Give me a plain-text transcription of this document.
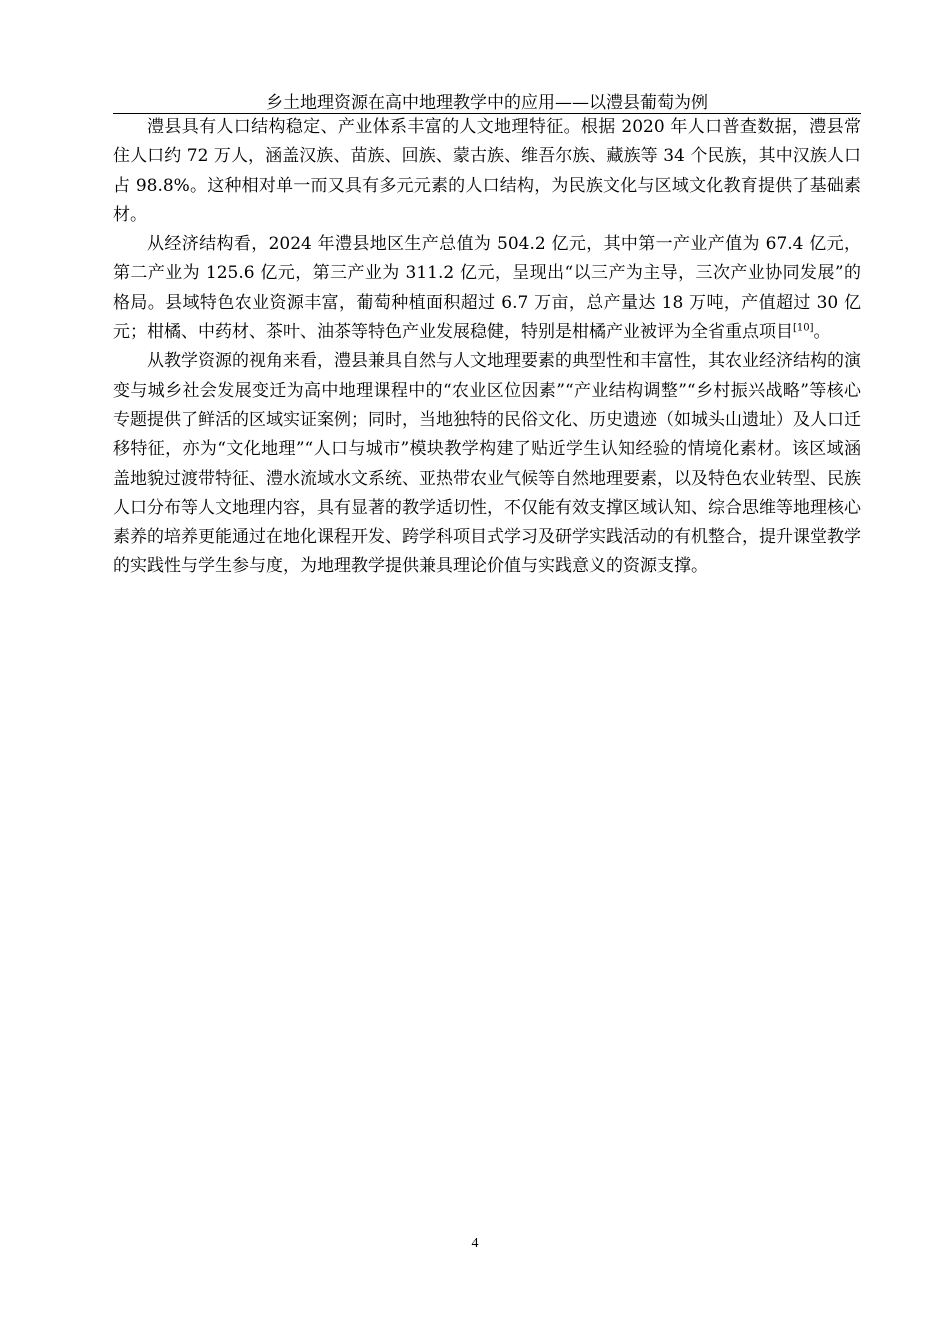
乡土地理资源在高中地理教学中的应用——以澧县葡萄为例

澧县具有人口结构稳定、产业体系丰富的人文地理特征。根据 2020 年人口普查数据，澧县常住人口约 72 万人，涵盖汉族、苗族、回族、蒙古族、维吾尔族、藏族等 34 个民族，其中汉族人口占 98.8%。这种相对单一而又具有多元元素的人口结构，为民族文化与区域文化教育提供了基础素材。

从经济结构看，2024 年澧县地区生产总值为 504.2 亿元，其中第一产业产值为 67.4 亿元，第二产业为 125.6 亿元，第三产业为 311.2 亿元，呈现出“以三产为主导，三次产业协同发展”的格局。县域特色农业资源丰富，葡萄种植面积超过 6.7 万亩，总产量达 18 万吨，产值超过 30 亿元；柑橘、中药材、茶叶、油茶等特色产业发展稳健，特别是柑橘产业被评为全省重点项目[10]。

从教学资源的视角来看，澧县兼具自然与人文地理要素的典型性和丰富性，其农业经济结构的演变与城乡社会发展变迁为高中地理课程中的“农业区位因素”“产业结构调整”“乡村振兴战略”等核心专题提供了鲜活的区域实证案例；同时，当地独特的民俗文化、历史遗迹（如城头山遗址）及人口迁移特征，亦为“文化地理”“人口与城市”模块教学构建了贴近学生认知经验的情境化素材。该区域涵盖地貌过渡带特征、澧水流域水文系统、亚热带农业气候等自然地理要素，以及特色农业转型、民族人口分布等人文地理内容，具有显著的教学适切性，不仅能有效支撑区域认知、综合思维等地理核心素养的培养更能通过在地化课程开发、跨学科项目式学习及研学实践活动的有机整合，提升课堂教学的实践性与学生参与度，为地理教学提供兼具理论价值与实践意义的资源支撑。

4
